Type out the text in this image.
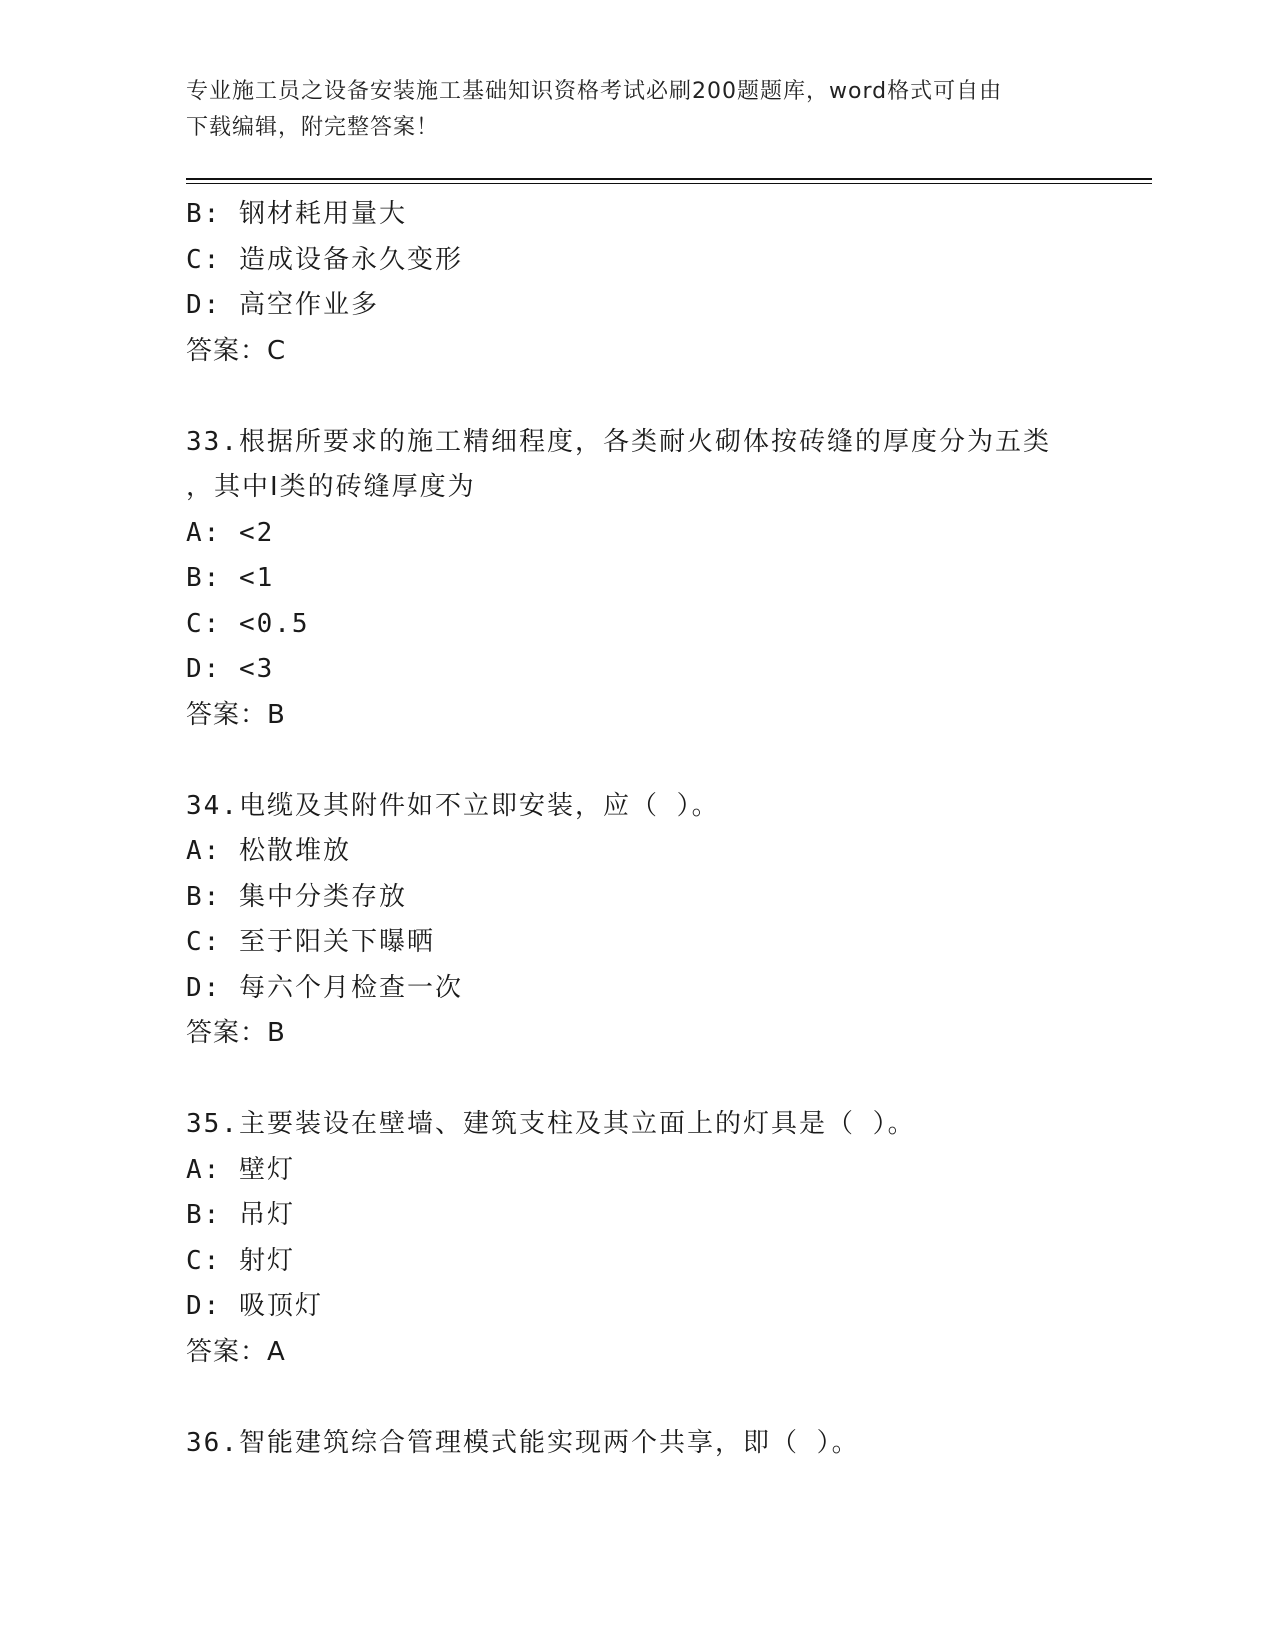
专业施工员之设备安装施工基础知识资格考试必刷200题题库，word格式可自由
下载编辑，附完整答案！
B: 钢材耗用量大
C: 造成设备永久变形
D: 高空作业多
答案：C
33.根据所要求的施工精细程度，各类耐火砌体按砖缝的厚度分为五类
，其中Ⅰ类的砖缝厚度为
A: <2
B: <1
C: <0.5
D: <3
答案：B
34.电缆及其附件如不立即安装，应（ ）。
A: 松散堆放
B: 集中分类存放
C: 至于阳关下曝晒
D: 每六个月检查一次
答案：B
35.主要装设在壁墙、建筑支柱及其立面上的灯具是（ ）。
A: 壁灯
B: 吊灯
C: 射灯
D: 吸顶灯
答案：A
36.智能建筑综合管理模式能实现两个共享，即（ ）。
